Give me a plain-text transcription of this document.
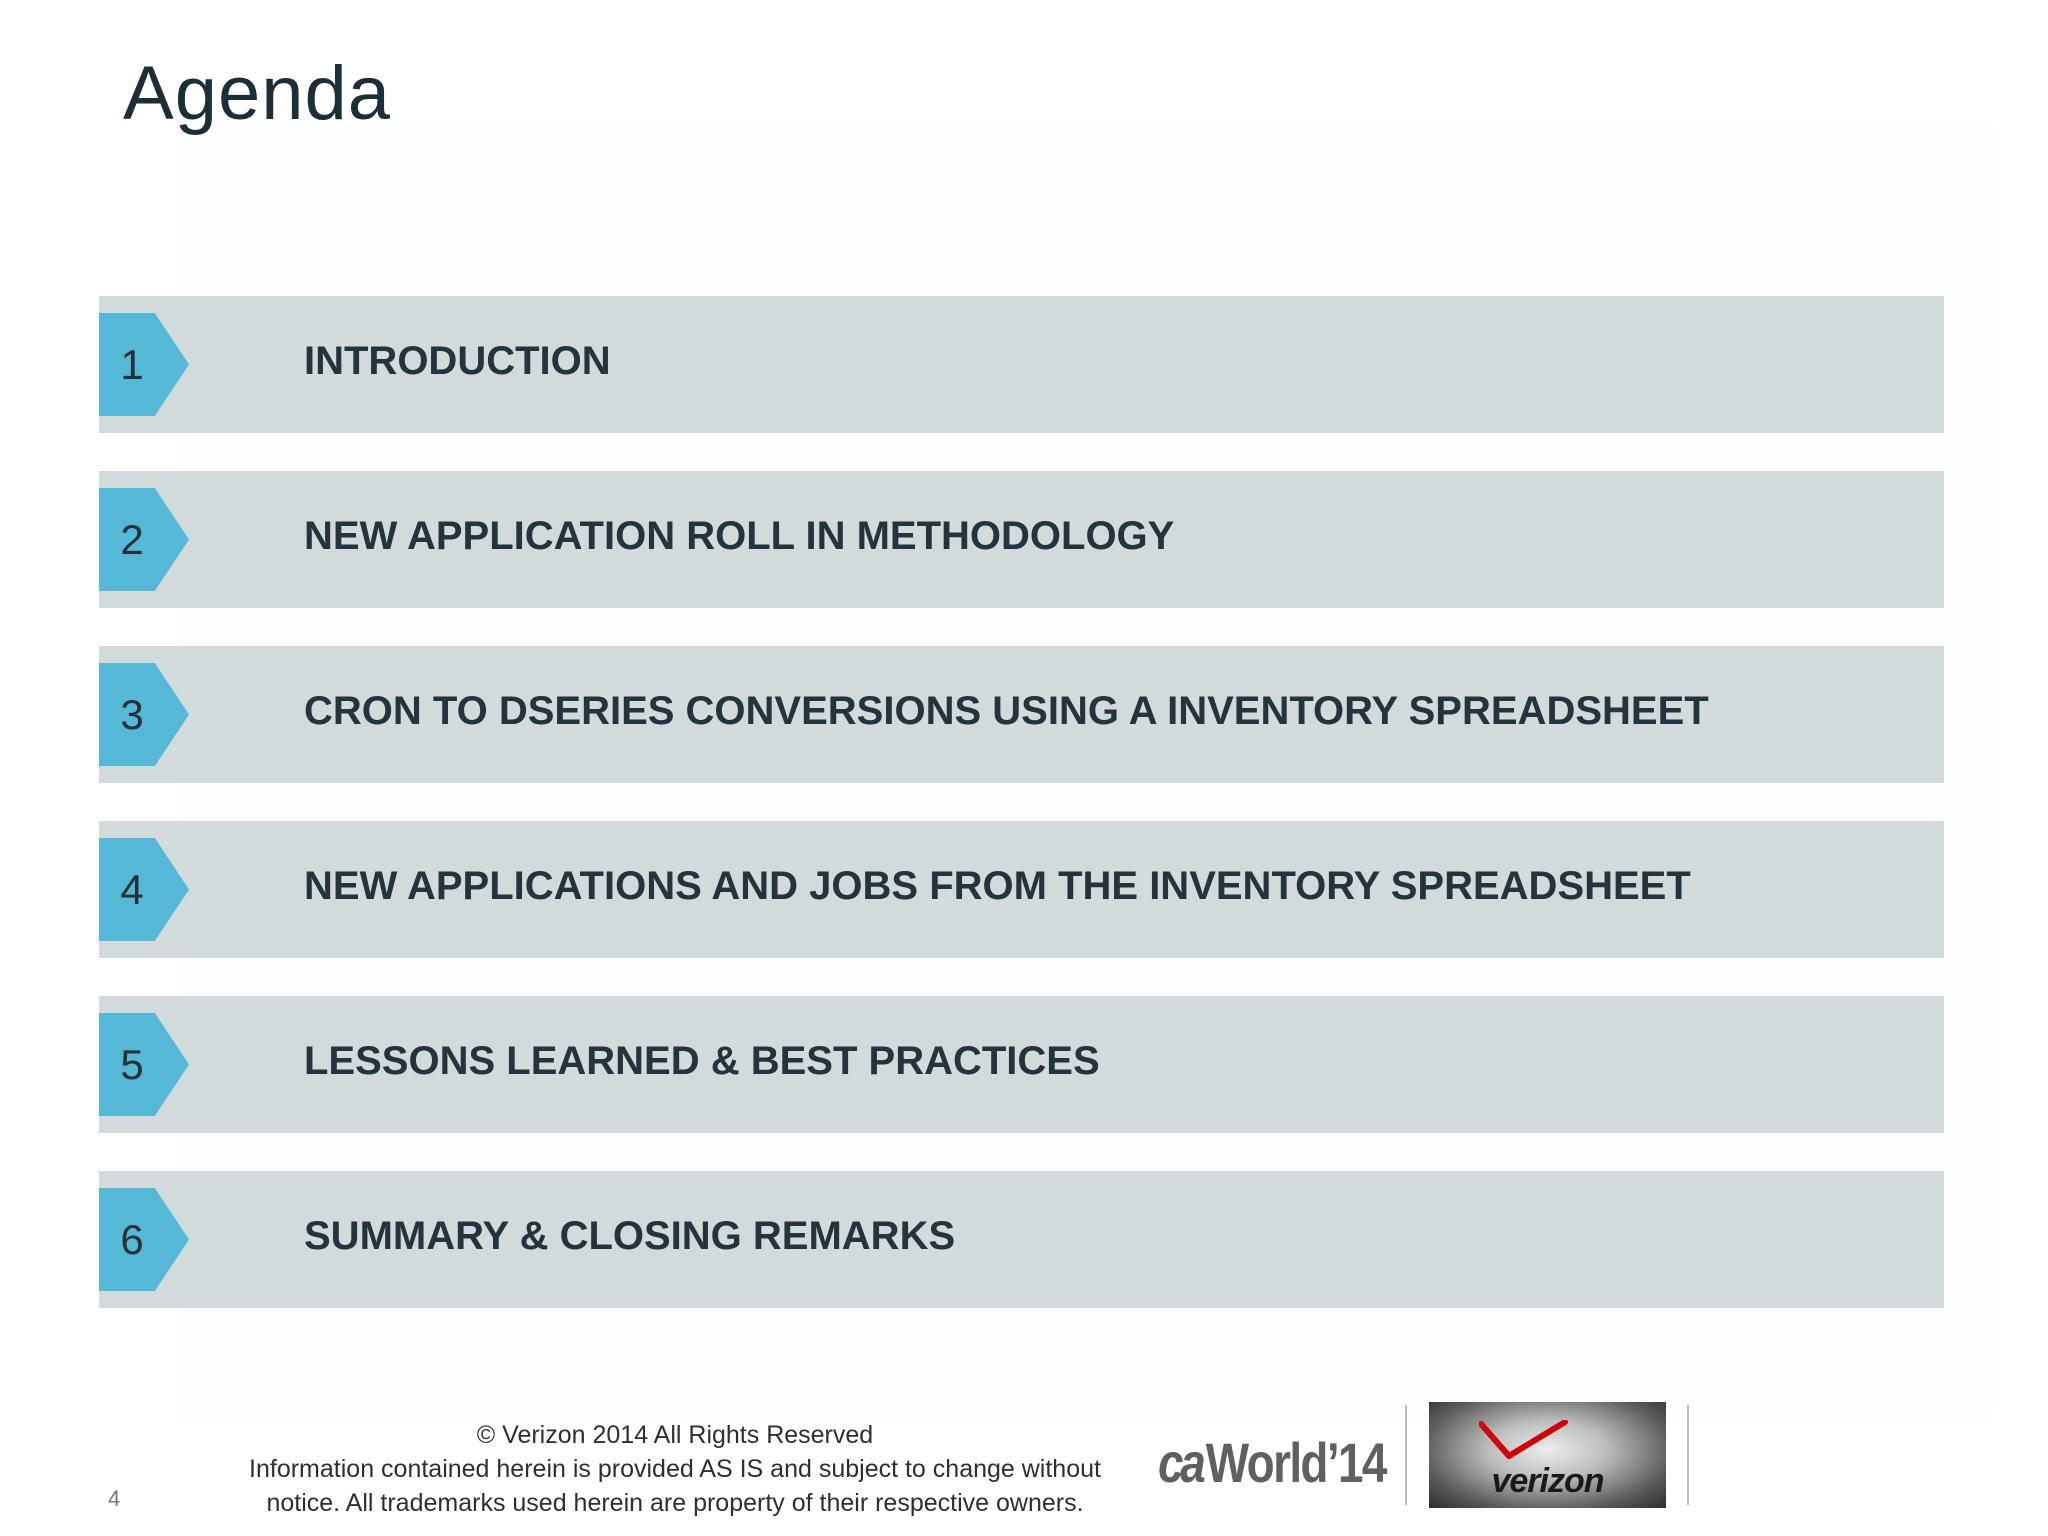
Agenda
1	INTRODUCTION
2	NEW APPLICATION ROLL IN METHODOLOGY
3	CRON TO DSERIES CONVERSIONS USING A INVENTORY SPREADSHEET
4	NEW APPLICATIONS AND JOBS FROM THE INVENTORY SPREADSHEET
5	LESSONS LEARNED & BEST PRACTICES
6	SUMMARY & CLOSING REMARKS
© Verizon 2014 All Rights Reserved
Information contained herein is provided AS IS and subject to change without
notice. All trademarks used herein are property of their respective owners.
4
caWorld’14	verizon
